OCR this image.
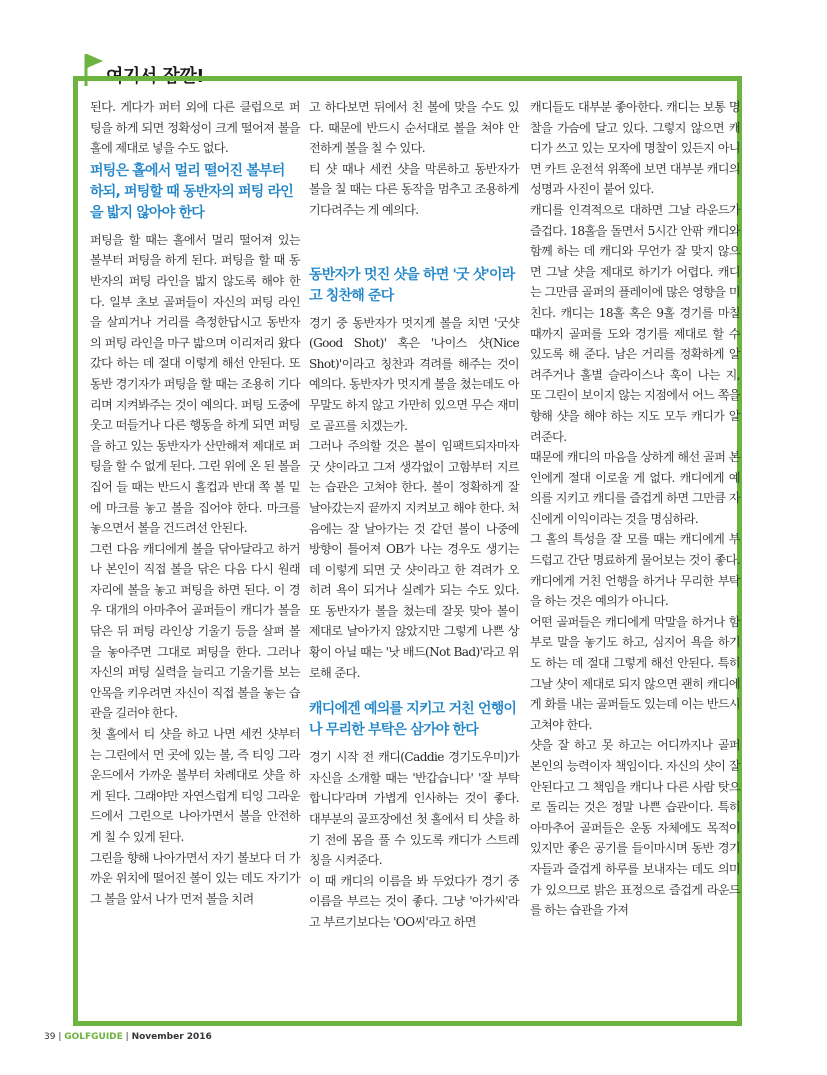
여기서 잠깐!

된다. 게다가 퍼터 외에 다른 클럽으로 퍼팅을 하게 되면 정확성이 크게 떨어져 볼을 홀에 제대로 넣을 수도 없다.

퍼팅은 홀에서 멀리 떨어진 볼부터 하되, 퍼팅할 때 동반자의 퍼팅 라인을 밟지 않아야 한다

퍼팅을 할 때는 홀에서 멀리 떨어져 있는 볼부터 퍼팅을 하게 된다. 퍼팅을 할 때 동반자의 퍼팅 라인을 밟지 않도록 해야 한다. 일부 초보 골퍼들이 자신의 퍼팅 라인을 살피거나 거리를 측정한답시고 동반자의 퍼팅 라인을 마구 밟으며 이리저리 왔다갔다 하는 데 절대 이렇게 해선 안된다. 또 동반 경기자가 퍼팅을 할 때는 조용히 기다리며 지켜봐주는 것이 예의다. 퍼팅 도중에 웃고 떠들거나 다른 행동을 하게 되면 퍼팅을 하고 있는 동반자가 산만해져 제대로 퍼팅을 할 수 없게 된다. 그린 위에 온 된 볼을 집어 들 때는 반드시 홀컵과 반대 쪽 볼 밑에 마크를 놓고 볼을 집어야 한다. 마크를 놓으면서 볼을 건드려선 안된다.

그런 다음 캐디에게 볼을 닦아달라고 하거나 본인이 직접 볼을 닦은 다음 다시 원래 자리에 볼을 놓고 퍼팅을 하면 된다. 이 경우 대개의 아마추어 골퍼들이 캐디가 볼을 닦은 뒤 퍼팅 라인상 기울기 등을 살펴 볼을 놓아주면 그대로 퍼팅을 한다. 그러나 자신의 퍼팅 실력을 늘리고 기울기를 보는 안목을 키우려면 자신이 직접 볼을 놓는 습관을 길러야 한다.

첫 홀에서 티 샷을 하고 나면 세컨 샷부터는 그린에서 먼 곳에 있는 볼, 즉 티잉 그라운드에서 가까운 볼부터 차례대로 샷을 하게 된다. 그래야만 자연스럽게 티잉 그라운드에서 그린으로 나아가면서 볼을 안전하게 칠 수 있게 된다.

그린을 향해 나아가면서 자기 볼보다 더 가까운 위치에 떨어진 볼이 있는 데도 자기가 그 볼을 앞서 나가 먼저 볼을 치려

고 하다보면 뒤에서 친 볼에 맞을 수도 있다. 때문에 반드시 순서대로 볼을 쳐야 안전하게 볼을 칠 수 있다.

티 샷 때나 세컨 샷을 막론하고 동반자가 볼을 칠 때는 다른 동작을 멈추고 조용하게 기다려주는 게 예의다.

동반자가 멋진 샷을 하면 '굿 샷'이라고 칭찬해 준다

경기 중 동반자가 멋지게 볼을 치면 '굿샷(Good Shot)' 혹은 '나이스 샷(Nice Shot)'이라고 칭찬과 격려를 해주는 것이 예의다. 동반자가 멋지게 볼을 쳤는데도 아무말도 하지 않고 가만히 있으면 무슨 재미로 골프를 치겠는가.

그러나 주의할 것은 볼이 임팩트되자마자 굿 샷이라고 그저 생각없이 고함부터 지르는 습관은 고쳐야 한다. 볼이 정확하게 잘 날아갔는지 끝까지 지켜보고 해야 한다. 처음에는 잘 날아가는 것 같던 볼이 나중에 방향이 틀어져 OB가 나는 경우도 생기는데 이렇게 되면 굿 샷이라고 한 격려가 오히려 욕이 되거나 실례가 되는 수도 있다. 또 동반자가 볼을 쳤는데 잘못 맞아 볼이 제대로 날아가지 않았지만 그렇게 나쁜 상황이 아닐 때는 '낫 배드(Not Bad)'라고 위로해 준다.

캐디에겐 예의를 지키고 거친 언행이나 무리한 부탁은 삼가야 한다

경기 시작 전 캐디(Caddie 경기도우미)가 자신을 소개할 때는 '반갑습니다' '잘 부탁합니다'라며 가볍게 인사하는 것이 좋다. 대부분의 골프장에선 첫 홀에서 티 샷을 하기 전에 몸을 풀 수 있도록 캐디가 스트레칭을 시켜준다.

이 때 캐디의 이름을 봐 두었다가 경기 중 이름을 부르는 것이 좋다. 그냥 '아가씨'라고 부르기보다는 'OO씨'라고 하면

캐디들도 대부분 좋아한다. 캐디는 보통 명찰을 가슴에 달고 있다. 그렇지 않으면 캐디가 쓰고 있는 모자에 명찰이 있든지 아니면 카트 운전석 위쪽에 보면 대부분 캐디의 성명과 사진이 붙어 있다.

캐디를 인격적으로 대하면 그날 라운드가 즐겁다. 18홀을 돌면서 5시간 안팎 캐디와 함께 하는 데 캐디와 무언가 잘 맞지 않으면 그날 샷을 제대로 하기가 어렵다. 캐디는 그만큼 골퍼의 플레이에 많은 영향을 미친다. 캐디는 18홀 혹은 9홀 경기를 마칠 때까지 골퍼를 도와 경기를 제대로 할 수 있도록 해 준다. 남은 거리를 정확하게 알려주거나 홀별 슬라이스나 훅이 나는 지, 또 그린이 보이지 않는 지점에서 어느 쪽을 향해 샷을 해야 하는 지도 모두 캐디가 알려준다.

때문에 캐디의 마음을 상하게 해선 골퍼 본인에게 절대 이로울 게 없다. 캐디에게 예의를 지키고 캐디를 즐겁게 하면 그만큼 자신에게 이익이라는 것을 명심하라.

그 홀의 특성을 잘 모를 때는 캐디에게 부드럽고 간단 명료하게 물어보는 것이 좋다. 캐디에게 거친 언행을 하거나 무리한 부탁을 하는 것은 예의가 아니다.

어떤 골퍼들은 캐디에게 막말을 하거나 함부로 말을 놓기도 하고, 심지어 욕을 하기도 하는 데 절대 그렇게 해선 안된다. 특히 그날 샷이 제대로 되지 않으면 괜히 캐디에게 화를 내는 골퍼들도 있는데 이는 반드시 고쳐야 한다.

샷을 잘 하고 못 하고는 어디까지나 골퍼 본인의 능력이자 책임이다. 자신의 샷이 잘 안된다고 그 책임을 캐디나 다른 사람 탓으로 돌리는 것은 정말 나쁜 습관이다. 특히 아마추어 골퍼들은 운동 자체에도 목적이 있지만 좋은 공기를 들이마시며 동반 경기자들과 즐겁게 하루를 보내자는 데도 의미가 있으므로 밝은 표정으로 즐겁게 라운드를 하는 습관을 가져

39 | GOLFGUIDE | November 2016
